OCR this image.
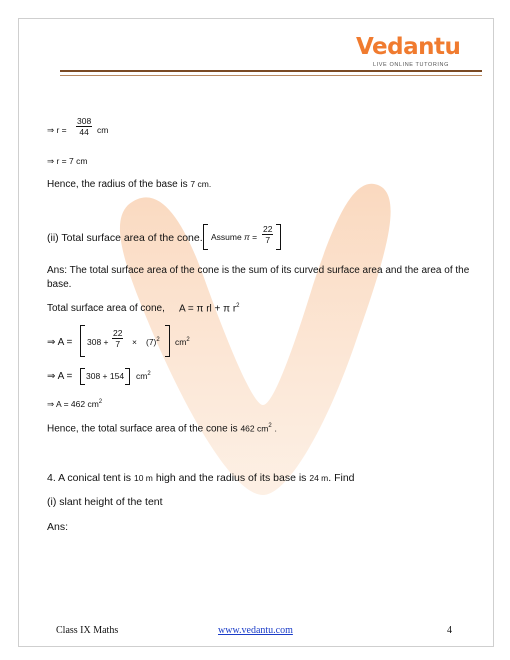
Vedantu
LIVE ONLINE TUTORING
⇒ r =
308
44 cm
⇒ r = 7 cm
Hence, the radius of the base is 7 cm.
(ii) Total surface area of the cone. Assume π =
22
7
Ans: The total surface area of the cone is the sum of its curved surface area and the area of the
base.
Total surface area of cone, A = π rl + π $r^2$
⇒ A = 308 +
22
$7 \times (7)^2$ $cm^2$
⇒ A = 308 + 154 $cm^2$
⇒ A = 462 $cm^2$
Hence, the total surface area of the cone is 462 $cm^2$ .
4. A conical tent is 10 m high and the radius of its base is 24 m. Find
(i) slant height of the tent
Ans:
Class IX Maths	www.vedantu.com	4
